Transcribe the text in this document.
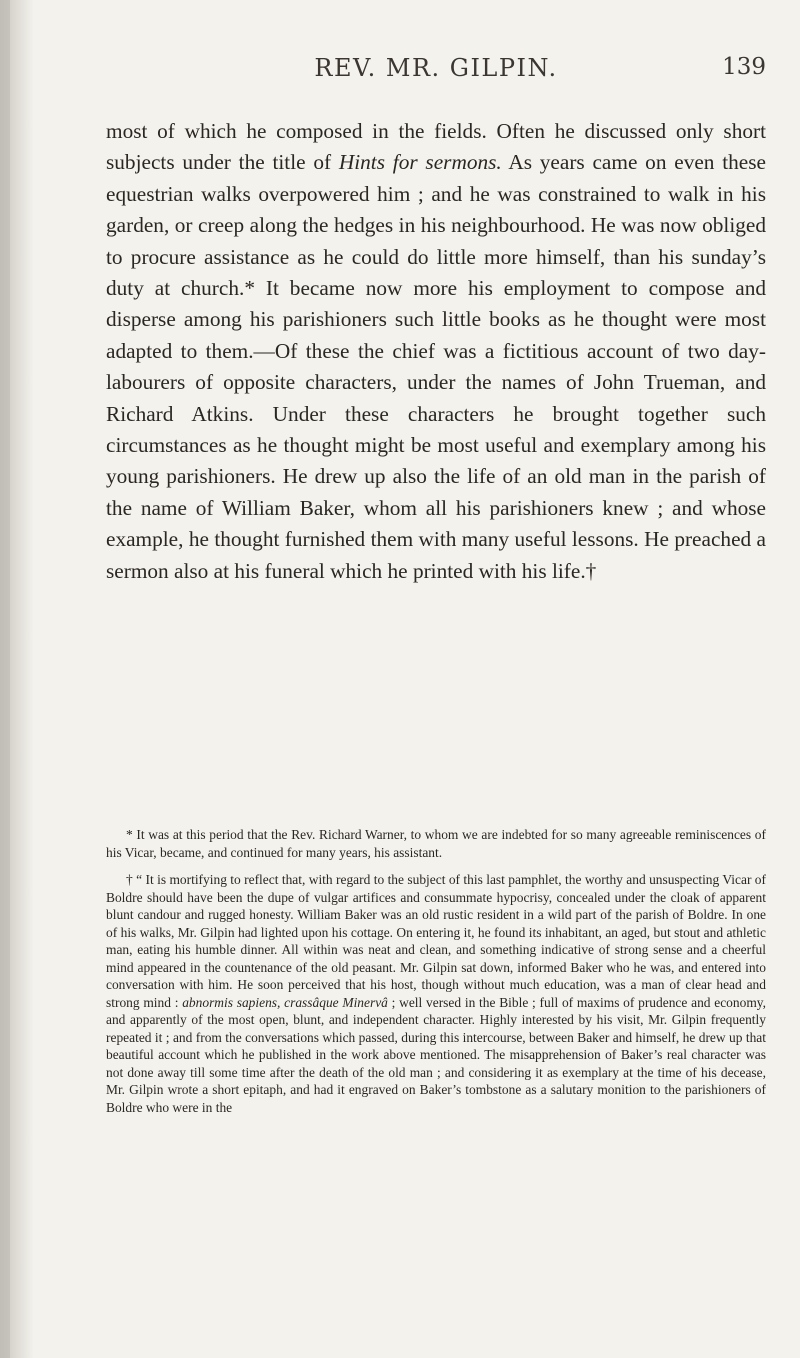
REV. MR. GILPIN.	139

most of which he composed in the fields. Often he discussed only short subjects under the title of Hints for sermons. As years came on even these equestrian walks overpowered him ; and he was constrained to walk in his garden, or creep along the hedges in his neighbourhood. He was now obliged to procure assistance as he could do little more himself, than his sunday’s duty at church.* It became now more his employment to compose and disperse among his parishioners such little books as he thought were most adapted to them.—Of these the chief was a fictitious account of two day-labourers of opposite characters, under the names of John Trueman, and Richard Atkins. Under these characters he brought together such circumstances as he thought might be most useful and exemplary among his young parishioners. He drew up also the life of an old man in the parish of the name of William Baker, whom all his parishioners knew ; and whose example, he thought furnished them with many useful lessons. He preached a sermon also at his funeral which he printed with his life.†

* It was at this period that the Rev. Richard Warner, to whom we are indebted for so many agreeable reminiscences of his Vicar, became, and continued for many years, his assistant.

† “ It is mortifying to reflect that, with regard to the subject of this last pamphlet, the worthy and unsuspecting Vicar of Boldre should have been the dupe of vulgar artifices and consummate hypocrisy, concealed under the cloak of apparent blunt candour and rugged honesty. William Baker was an old rustic resident in a wild part of the parish of Boldre. In one of his walks, Mr. Gilpin had lighted upon his cottage. On entering it, he found its inhabitant, an aged, but stout and athletic man, eating his humble dinner. All within was neat and clean, and something indicative of strong sense and a cheerful mind appeared in the countenance of the old peasant. Mr. Gilpin sat down, informed Baker who he was, and entered into conversation with him. He soon perceived that his host, though without much education, was a man of clear head and strong mind : abnormis sapiens, crassâque Minervâ ; well versed in the Bible ; full of maxims of prudence and economy, and apparently of the most open, blunt, and independent character. Highly interested by his visit, Mr. Gilpin frequently repeated it ; and from the conversations which passed, during this intercourse, between Baker and himself, he drew up that beautiful account which he published in the work above mentioned. The misapprehension of Baker’s real character was not done away till some time after the death of the old man ; and considering it as exemplary at the time of his decease, Mr. Gilpin wrote a short epitaph, and had it engraved on Baker’s tombstone as a salutary monition to the parishioners of Boldre who were in the
